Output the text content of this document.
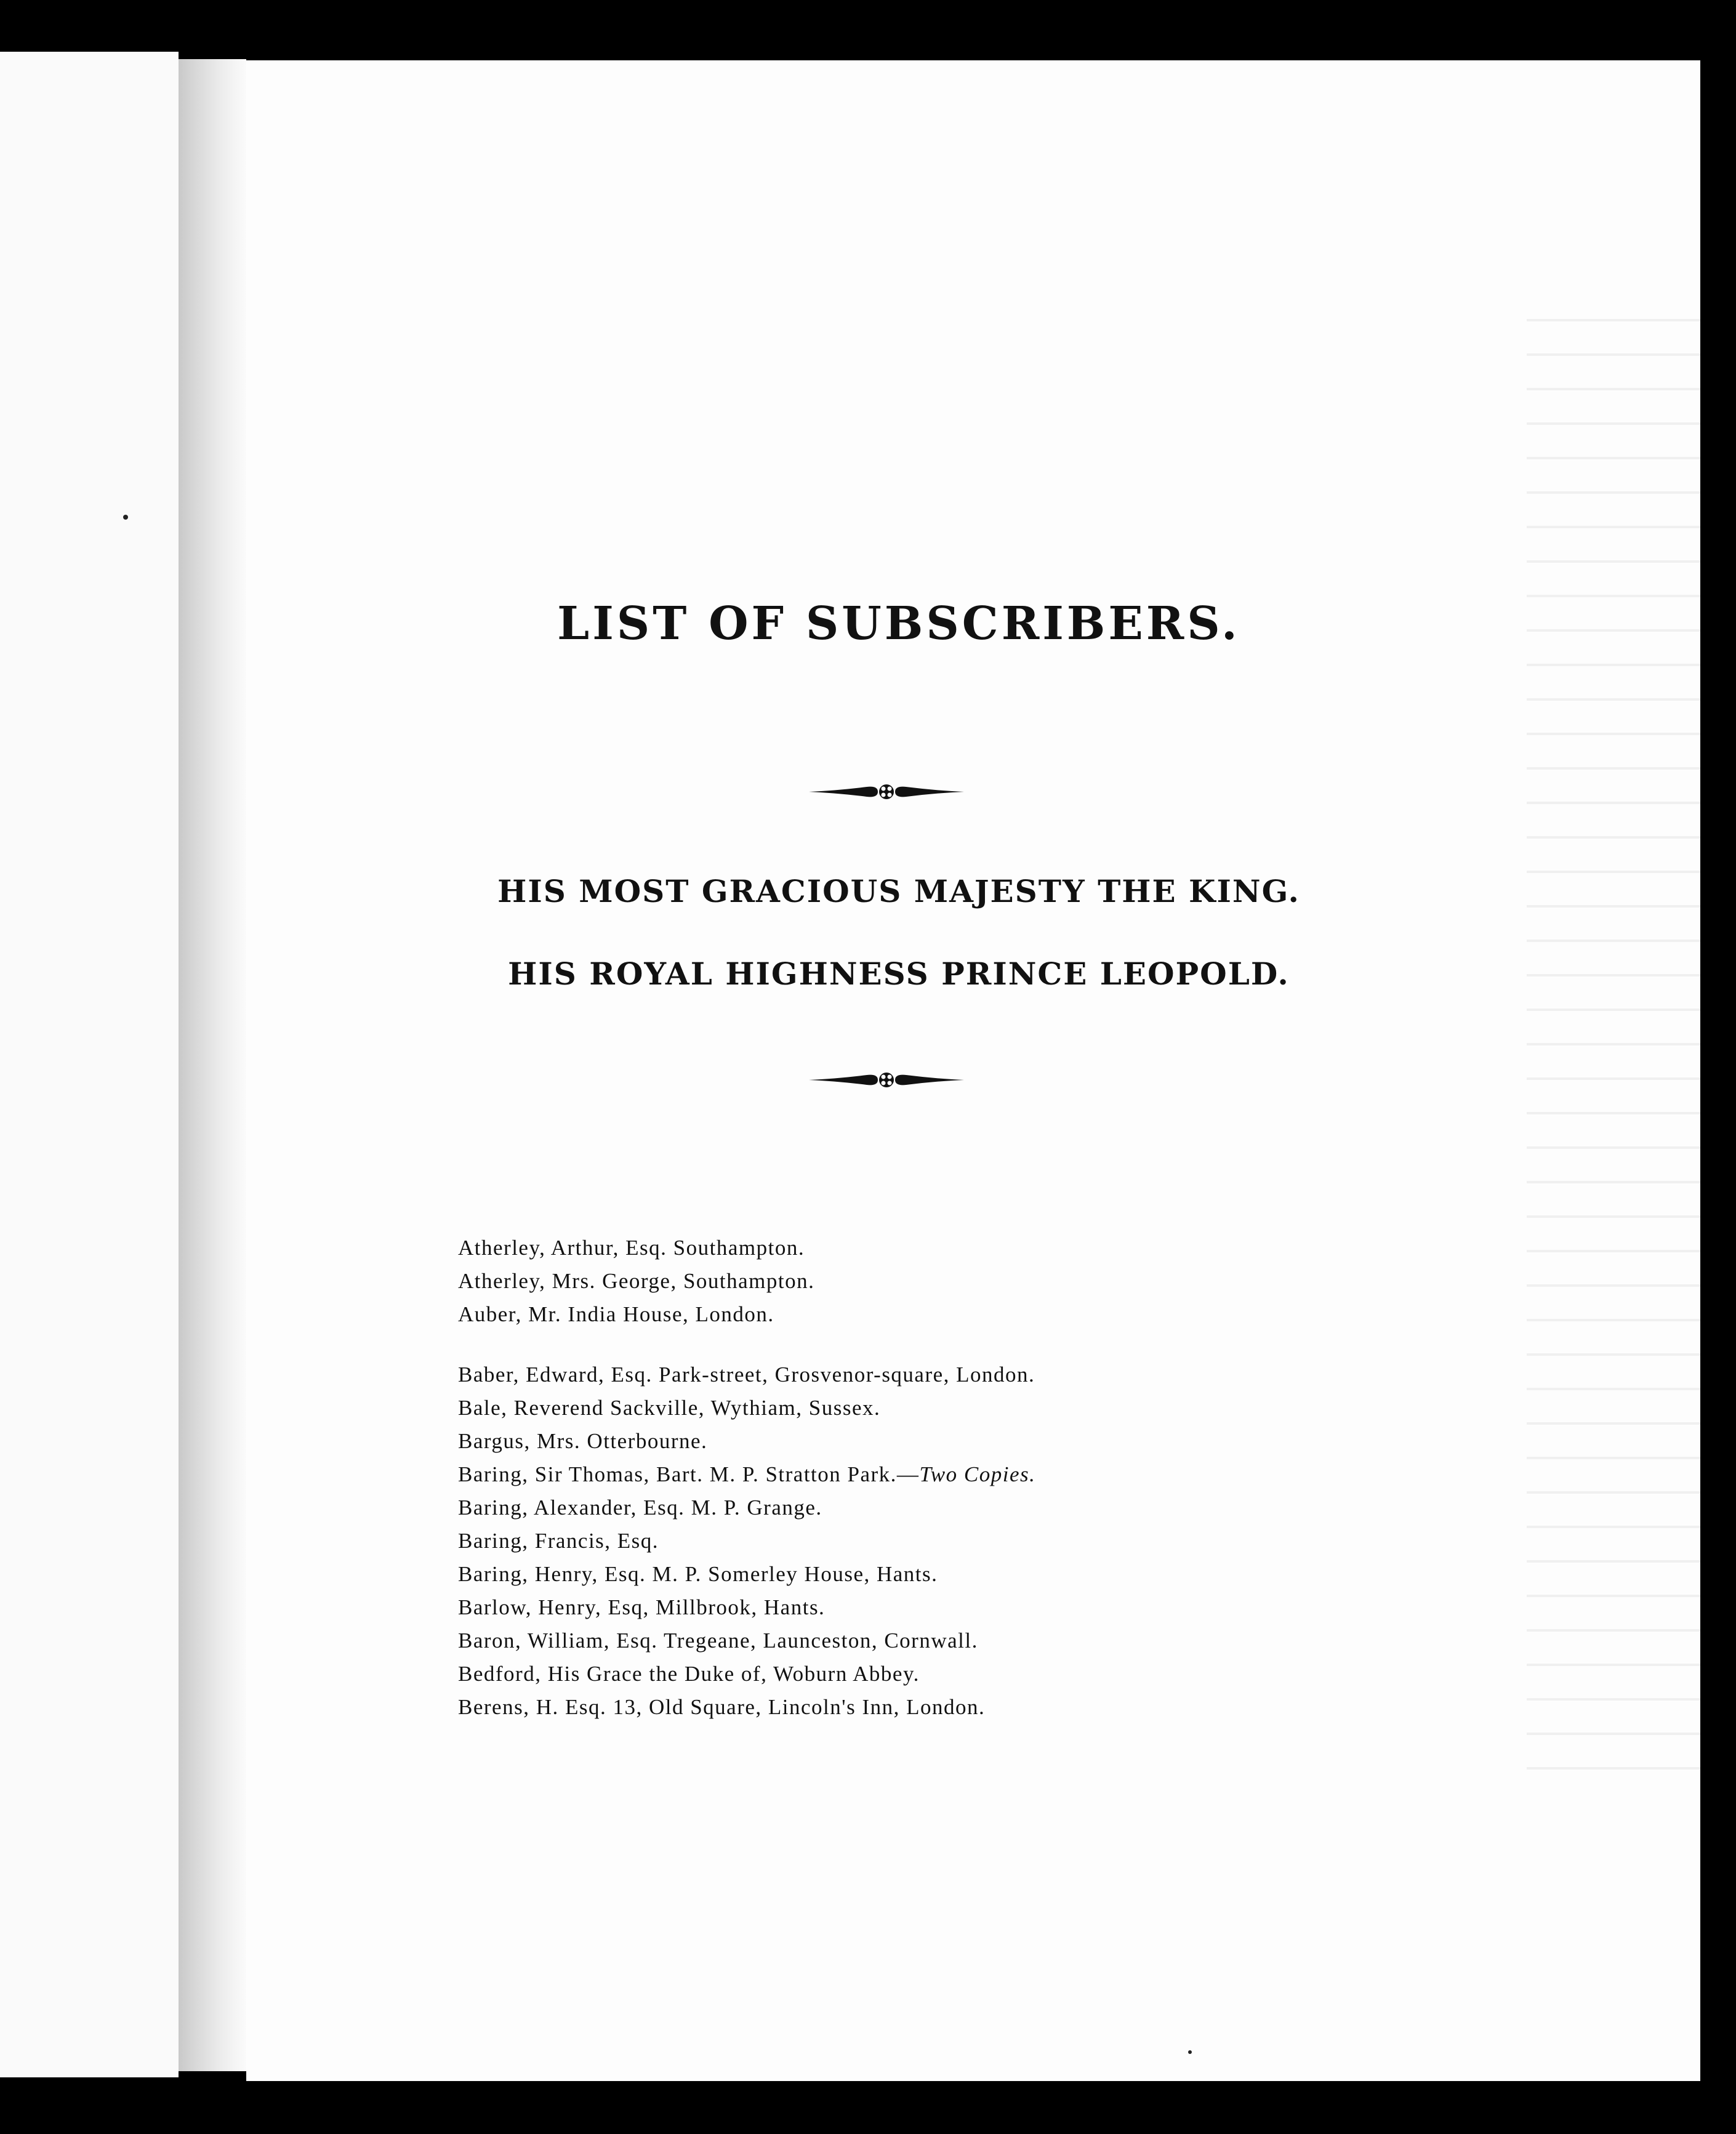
LIST OF SUBSCRIBERS.
HIS MOST GRACIOUS MAJESTY THE KING.
HIS ROYAL HIGHNESS PRINCE LEOPOLD.
Atherley, Arthur, Esq. Southampton.
Atherley, Mrs. George, Southampton.
Auber, Mr. India House, London.
Baber, Edward, Esq. Park-street, Grosvenor-square, London.
Bale, Reverend Sackville, Wythiam, Sussex.
Bargus, Mrs. Otterbourne.
Baring, Sir Thomas, Bart. M. P. Stratton Park.—Two Copies.
Baring, Alexander, Esq. M. P. Grange.
Baring, Francis, Esq.
Baring, Henry, Esq. M. P. Somerley House, Hants.
Barlow, Henry, Esq, Millbrook, Hants.
Baron, William, Esq. Tregeane, Launceston, Cornwall.
Bedford, His Grace the Duke of, Woburn Abbey.
Berens, H. Esq. 13, Old Square, Lincoln's Inn, London.
